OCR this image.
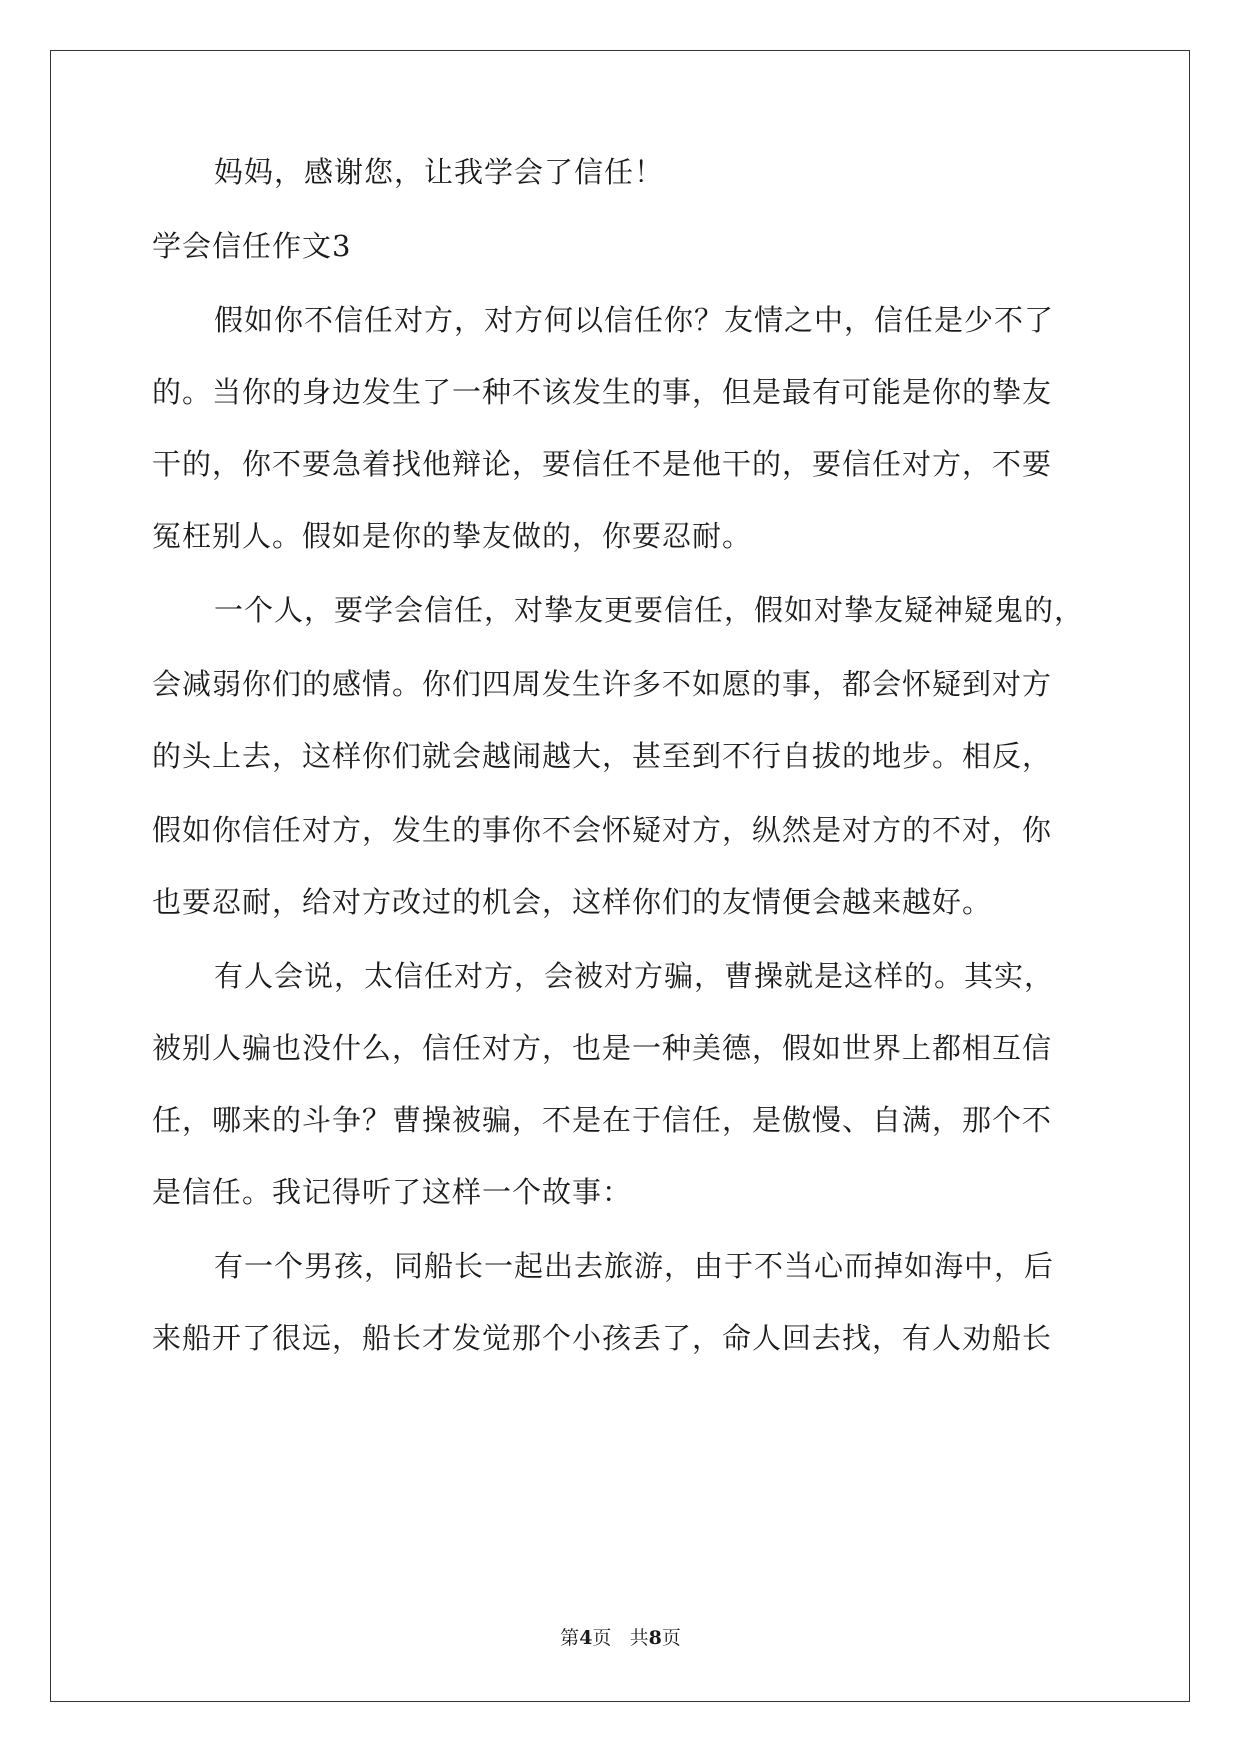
妈妈，感谢您，让我学会了信任！
学会信任作文3
假如你不信任对方，对方何以信任你？友情之中，信任是少不了
的。当你的身边发生了一种不该发生的事，但是最有可能是你的挚友
干的，你不要急着找他辩论，要信任不是他干的，要信任对方，不要
冤枉别人。假如是你的挚友做的，你要忍耐。
一个人，要学会信任，对挚友更要信任，假如对挚友疑神疑鬼的，
会减弱你们的感情。你们四周发生许多不如愿的事，都会怀疑到对方
的头上去，这样你们就会越闹越大，甚至到不行自拔的地步。相反，
假如你信任对方，发生的事你不会怀疑对方，纵然是对方的不对，你
也要忍耐，给对方改过的机会，这样你们的友情便会越来越好。
有人会说，太信任对方，会被对方骗，曹操就是这样的。其实，
被别人骗也没什么，信任对方，也是一种美德，假如世界上都相互信
任，哪来的斗争？曹操被骗，不是在于信任，是傲慢、自满，那个不
是信任。我记得听了这样一个故事：
有一个男孩，同船长一起出去旅游，由于不当心而掉如海中，后
来船开了很远，船长才发觉那个小孩丢了，命人回去找，有人劝船长
第4页 共8页
